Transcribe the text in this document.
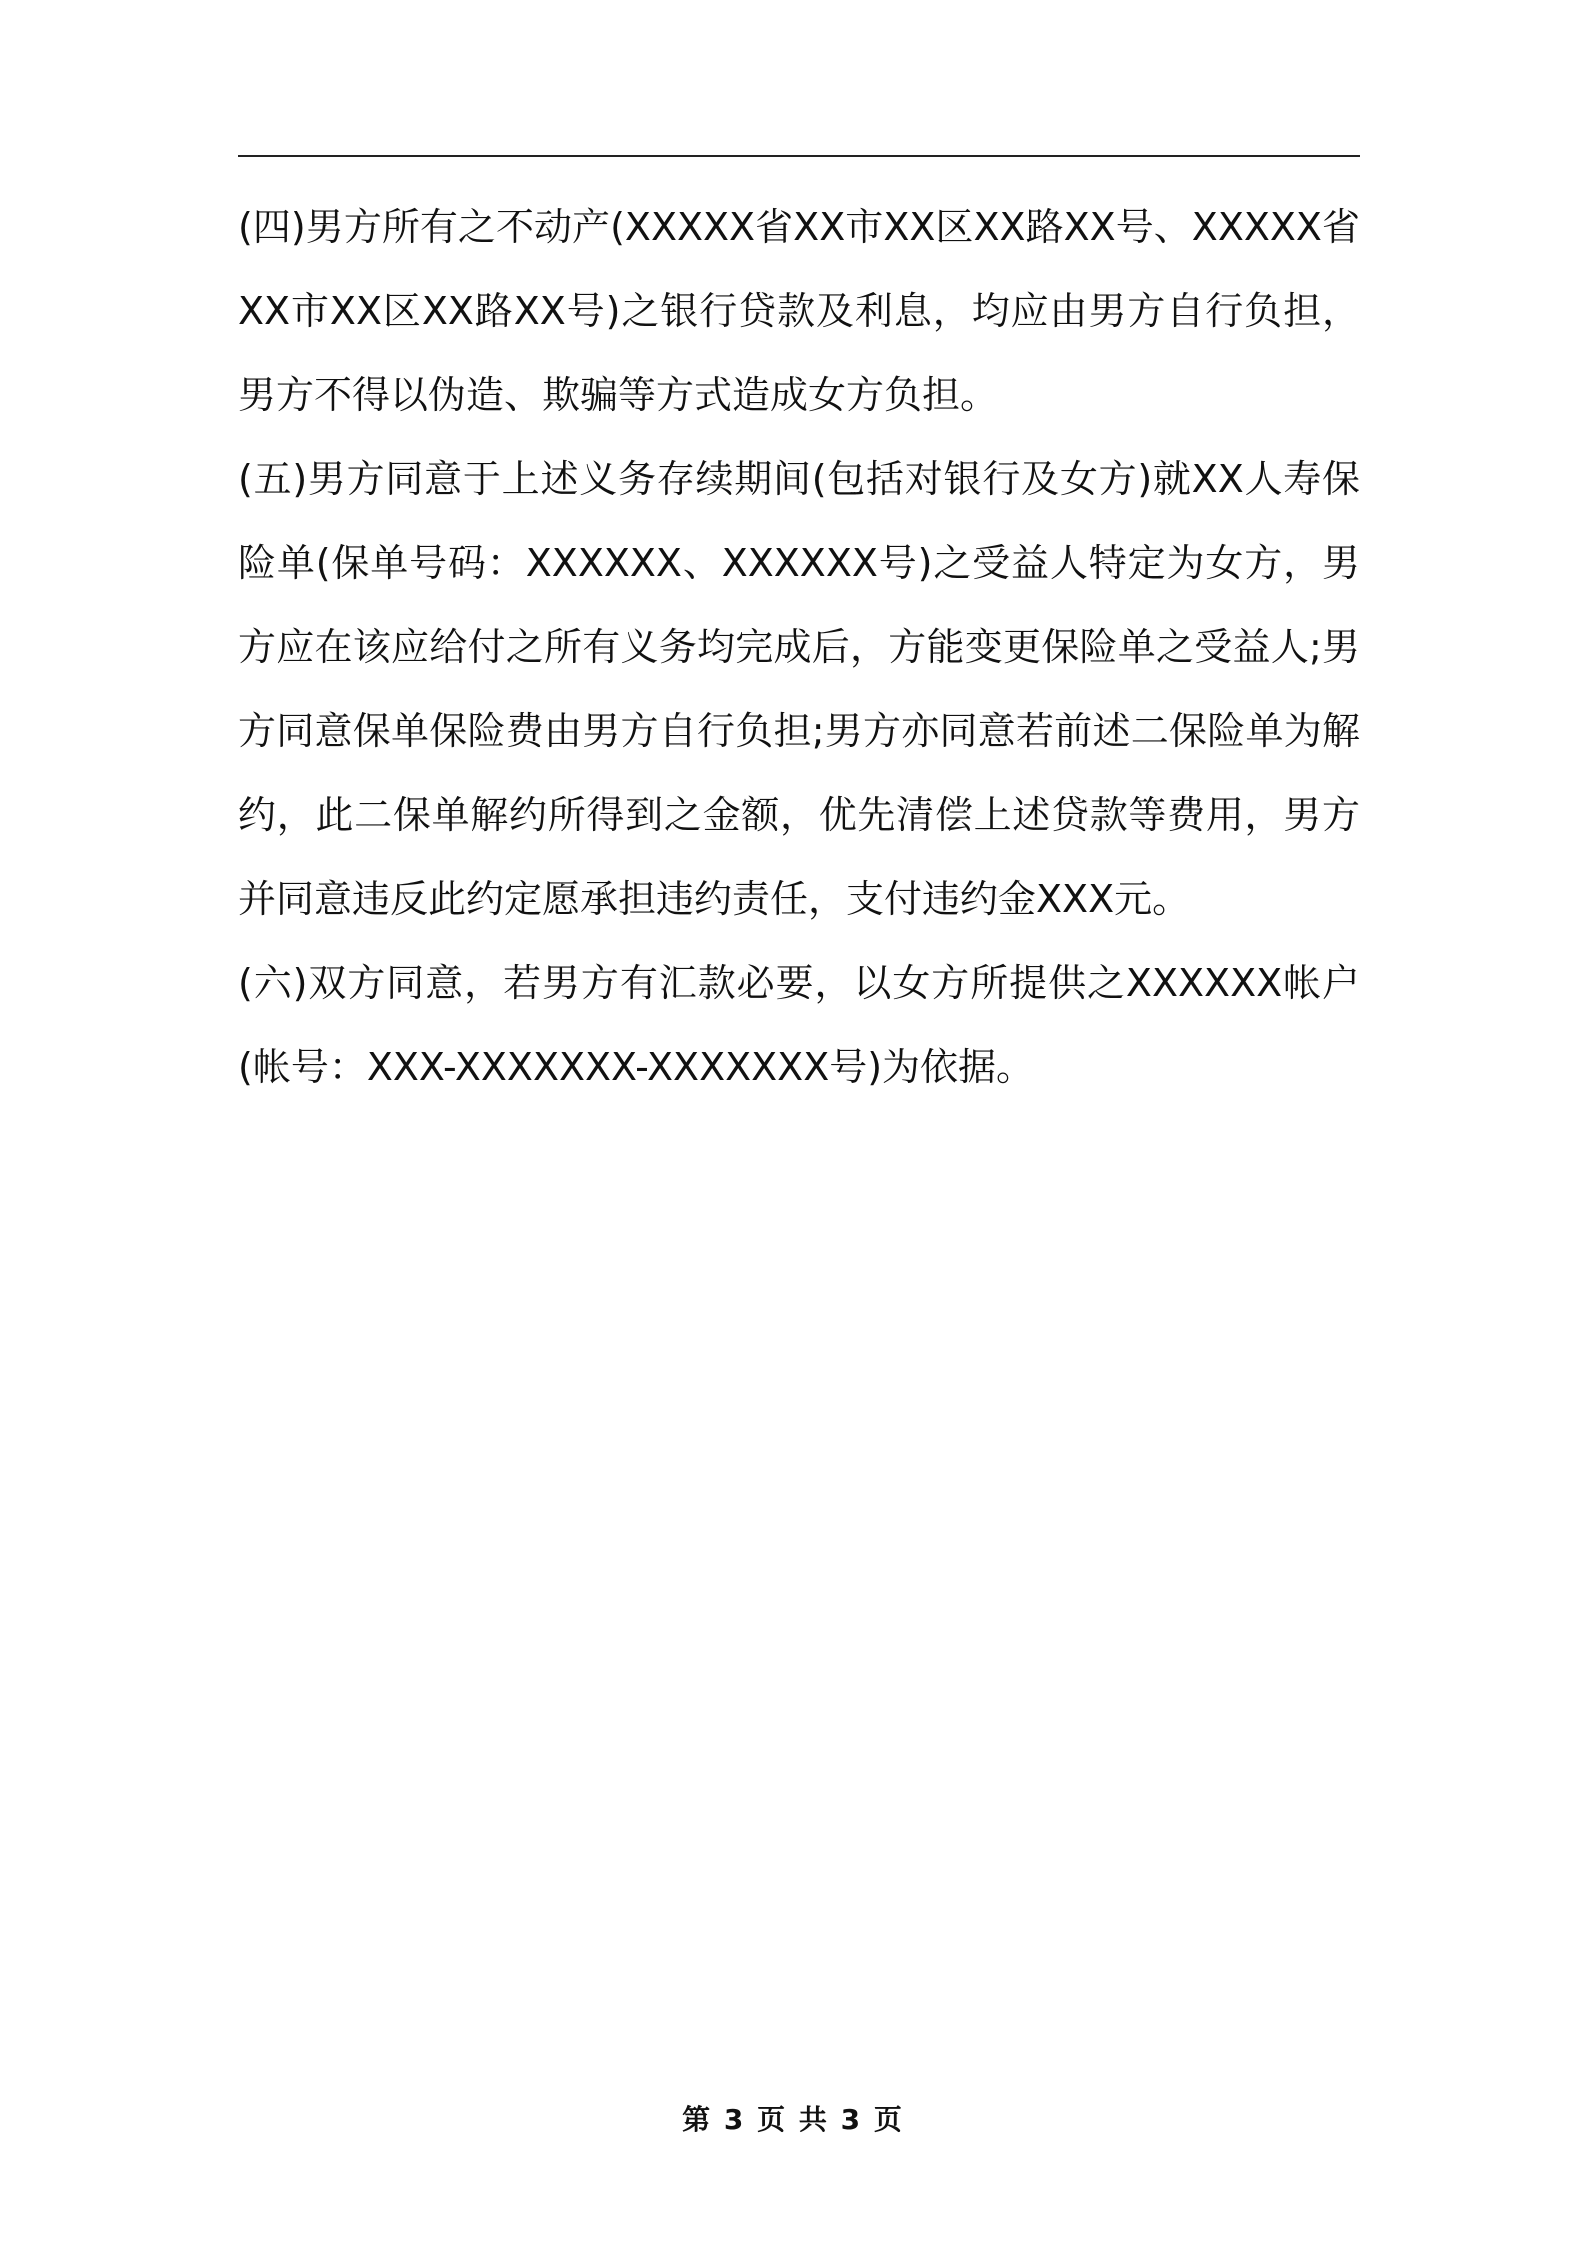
(四)男方所有之不动产(XXXXX省XX市XX区XX路XX号、XXXXX省XX市XX区XX路XX号)之银行贷款及利息，均应由男方自行负担，男方不得以伪造、欺骗等方式造成女方负担。

(五)男方同意于上述义务存续期间(包括对银行及女方)就XX人寿保险单(保单号码：XXXXXX、XXXXXX号)之受益人特定为女方，男方应在该应给付之所有义务均完成后，方能变更保险单之受益人;男方同意保单保险费由男方自行负担;男方亦同意若前述二保险单为解约，此二保单解约所得到之金额，优先清偿上述贷款等费用，男方并同意违反此约定愿承担违约责任，支付违约金XXX元。

(六)双方同意，若男方有汇款必要，以女方所提供之XXXXXX帐户(帐号：XXX-XXXXXXX-XXXXXXX号)为依据。

第 3 页 共 3 页
